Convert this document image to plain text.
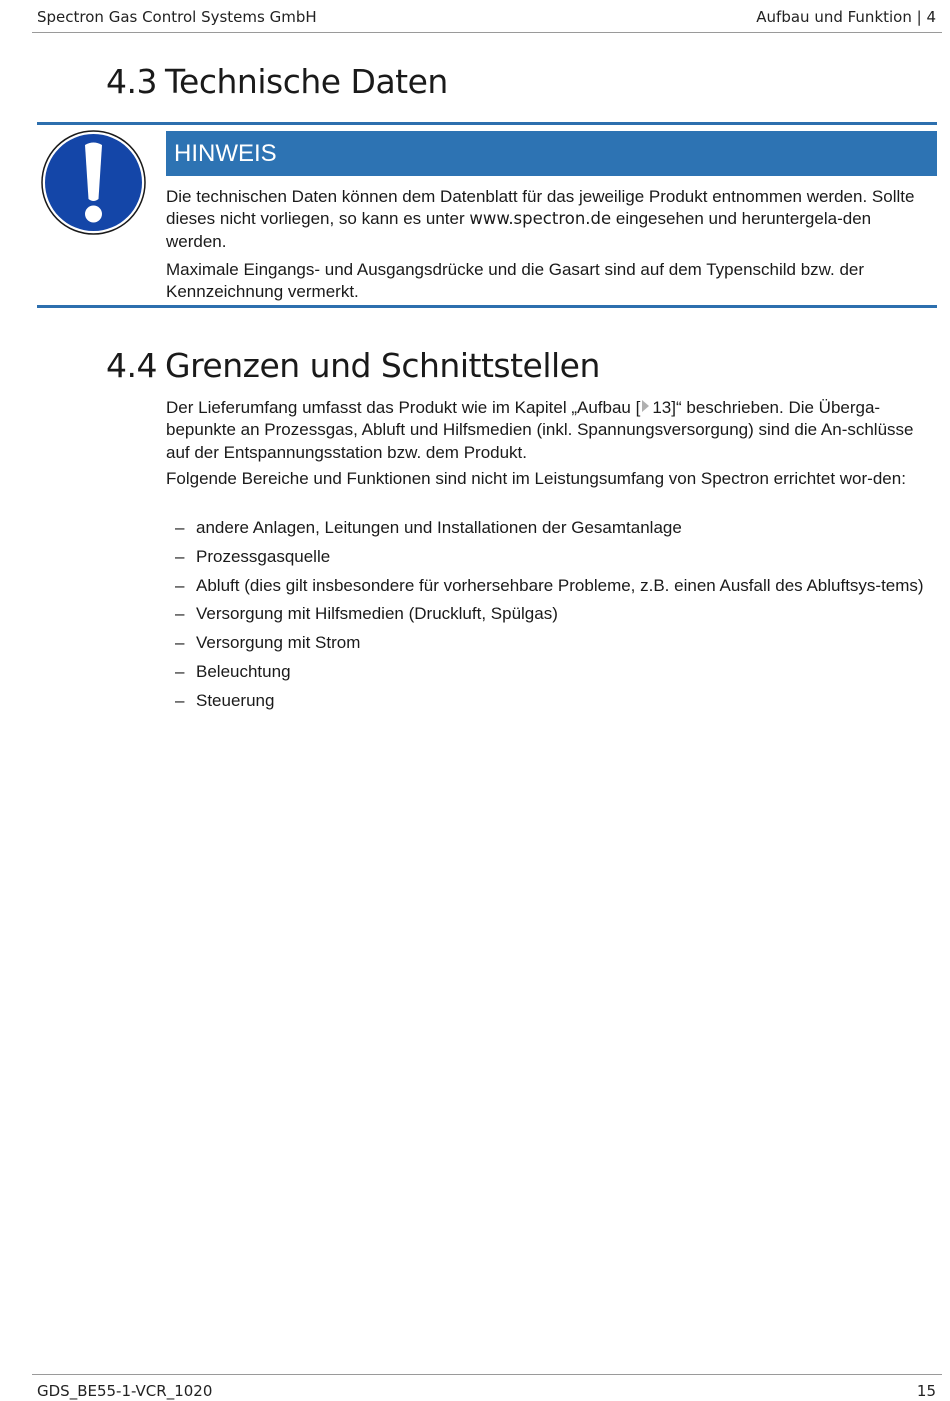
Spectron Gas Control Systems GmbH	Aufbau und Funktion | 4
4.3 Technische Daten
HINWEIS

Die technischen Daten können dem Datenblatt für das jeweilige Produkt entnommen werden. Sollte dieses nicht vorliegen, so kann es unter www.spectron.de eingesehen und heruntergela-den werden.

Maximale Eingangs- und Ausgangsdrücke und die Gasart sind auf dem Typenschild bzw. der Kennzeichnung vermerkt.

4.4 Grenzen und Schnittstellen

Der Lieferumfang umfasst das Produkt wie im Kapitel „Aufbau [ 13]“ beschrieben. Die Überga-bepunkte an Prozessgas, Abluft und Hilfsmedien (inkl. Spannungsversorgung) sind die An-schlüsse auf der Entspannungsstation bzw. dem Produkt.

Folgende Bereiche und Funktionen sind nicht im Leistungsumfang von Spectron errichtet wor-den:

– andere Anlagen, Leitungen und Installationen der Gesamtanlage
– Prozessgasquelle
– Abluft (dies gilt insbesondere für vorhersehbare Probleme, z.B. einen Ausfall des Abluftsys-tems)
– Versorgung mit Hilfsmedien (Druckluft, Spülgas)
– Versorgung mit Strom
– Beleuchtung
– Steuerung
GDS_BE55-1-VCR_1020	15
